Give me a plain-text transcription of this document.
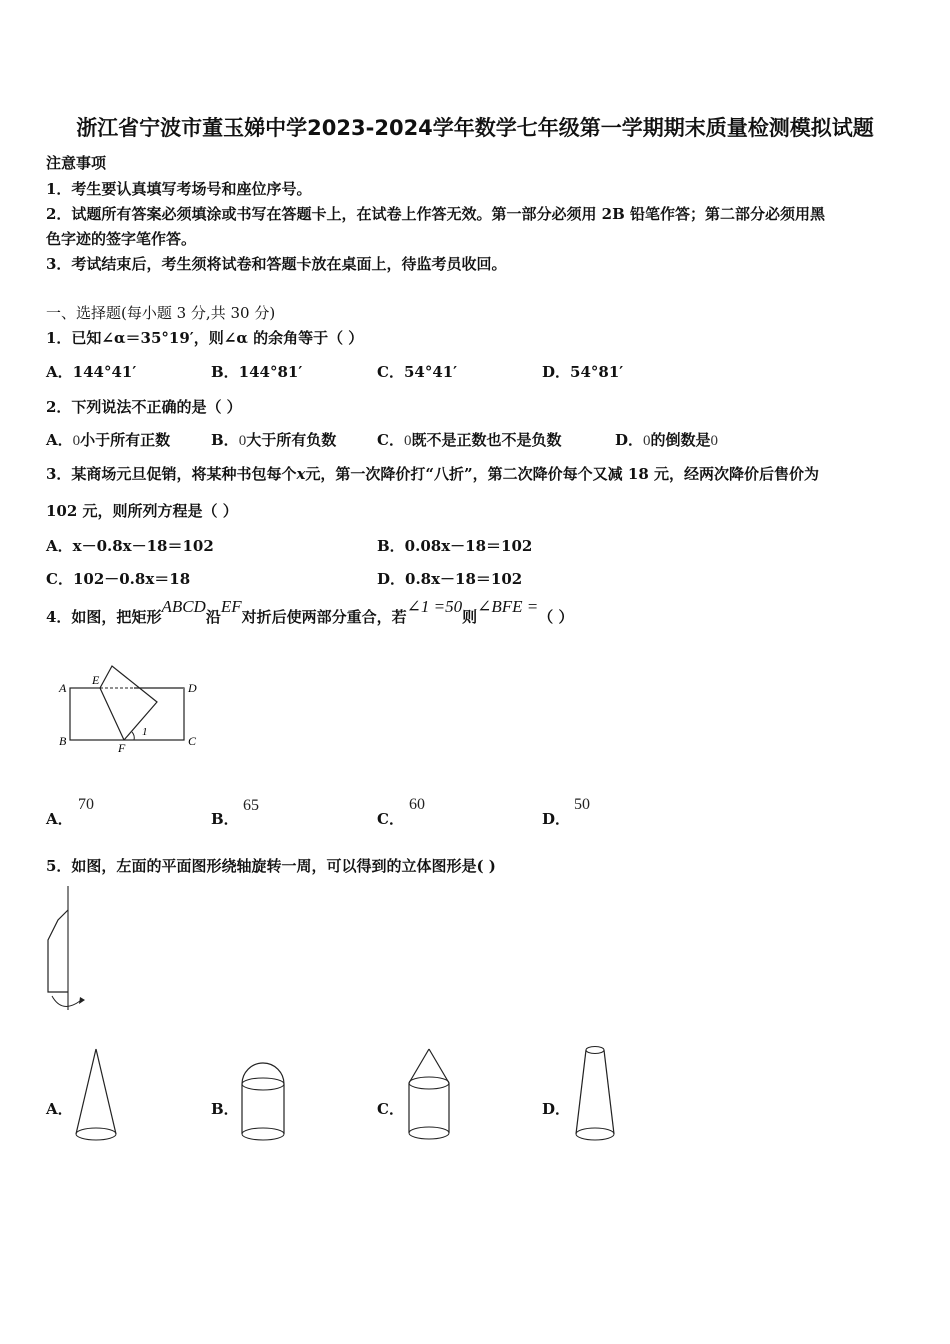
浙江省宁波市董玉娣中学2023-2024学年数学七年级第一学期期末质量检测模拟试题
注意事项
1．考生要认真填写考场号和座位序号。
2．试题所有答案必须填涂或书写在答题卡上，在试卷上作答无效。第一部分必须用 2B 铅笔作答；第二部分必须用黑
色字迹的签字笔作答。
3．考试结束后，考生须将试卷和答题卡放在桌面上，待监考员收回。
一、选择题(每小题 3 分,共 30 分)
1．已知∠α＝35°19′，则∠α 的余角等于（ ）
A．144°41′	B．144°81′	C．54°41′	D．54°81′
2．下列说法不正确的是（ ）
A．0小于所有正数	B．0大于所有负数	C．0既不是正数也不是负数	D．0的倒数是0
3．某商场元旦促销，将某种书包每个x元，第一次降价打“八折”，第二次降价每个又减 18 元，经两次降价后售价为
102 元，则所列方程是（ ）
A．x－0.8x－18＝102	B．0.08x－18＝102
C．102－0.8x＝18	D．0.8x－18＝102
4．如图，把矩形ABCD沿EF对折后使两部分重合，若∠1 =50则∠BFE =（ ）
A
E
D
B	F	C
1
A．
70
B．
65
C．
60
D．
50
5．如图，左面的平面图形绕轴旋转一周，可以得到的立体图形是( )
A．	B．	C．	D．
